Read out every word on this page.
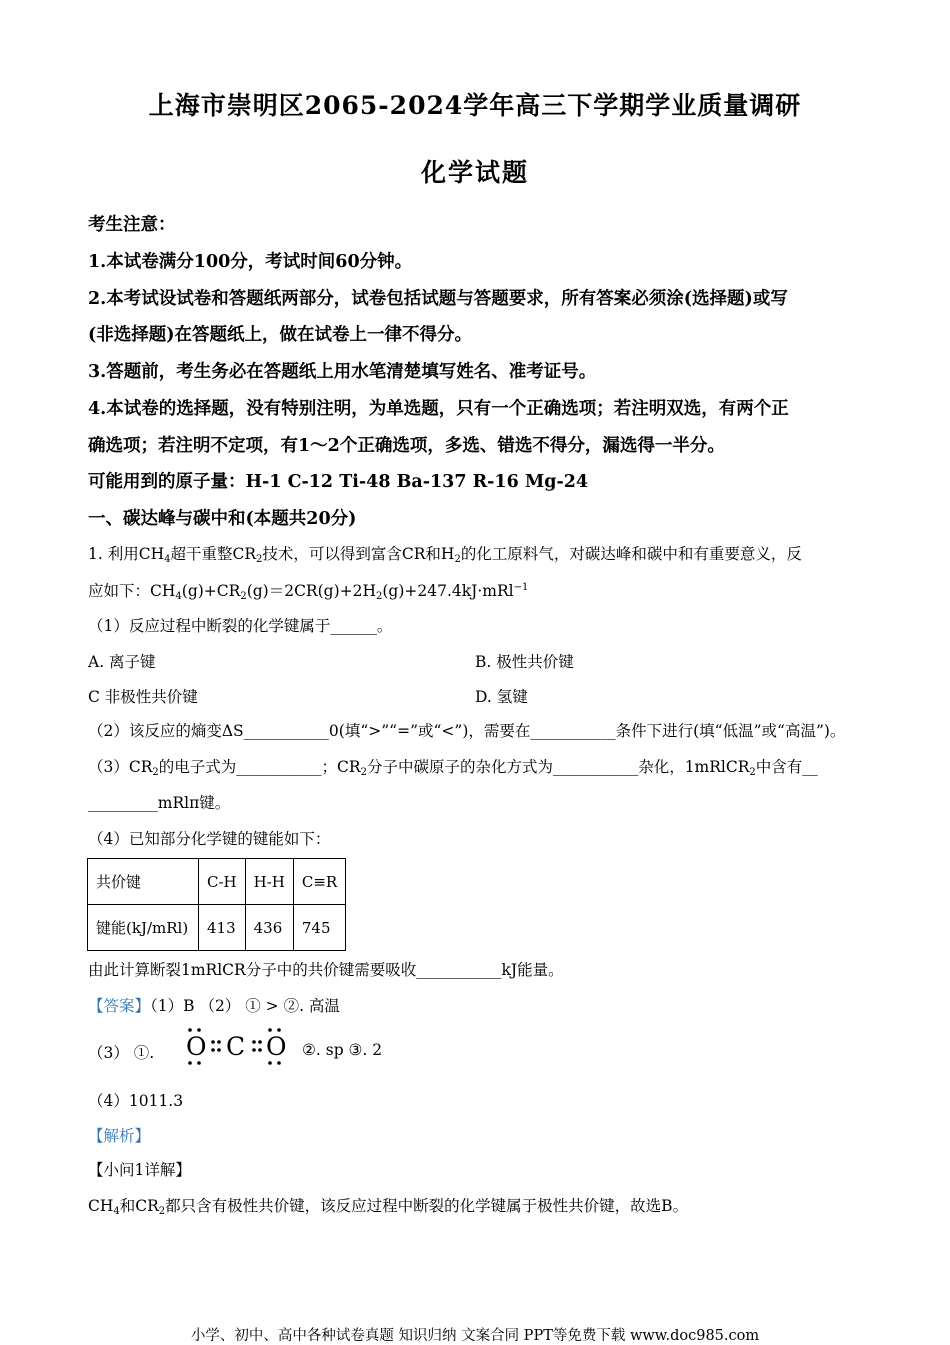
上海市崇明区2065-2024学年高三下学期学业质量调研
化学试题
考生注意：
1.本试卷满分100分，考试时间60分钟。
2.本考试设试卷和答题纸两部分，试卷包括试题与答题要求，所有答案必须涂(选择题)或写
(非选择题)在答题纸上，做在试卷上一律不得分。
3.答题前，考生务必在答题纸上用水笔清楚填写姓名、准考证号。
4.本试卷的选择题，没有特别注明，为单选题，只有一个正确选项；若注明双选，有两个正
确选项；若注明不定项，有1～2个正确选项，多选、错选不得分，漏选得一半分。
可能用到的原子量：H-1 C-12 Ti-48 Ba-137 R-16 Mg-24
一、碳达峰与碳中和(本题共20分)
1. 利用$CH_4$超干重整$CR_2$技术，可以得到富含CR和$H_2$的化工原料气，对碳达峰和碳中和有重要意义，反
应如下：$CH_4(g)+CR_2(g)=2CR(g)+2H_2(g)+247.4kJ\cdot mRl^{-1}$
（1）反应过程中断裂的化学键属于______。
A. 离子键	B. 极性共价键
C 非极性共价键	D. 氢键
（2）该反应的熵变ΔS___________0(填“>”“=”或“<”)，需要在___________条件下进行(填“低温”或“高温”)。
$(3)CR_2$的电子式为___________；$CR_2$分子中碳原子的杂化方式为___________杂化，1mRlCR$_2$中含有__
_________mRlπ键。
（4）已知部分化学键的键能如下：
共价键	C-H	H-H	C≡R
键能(kJ/mRl)	413	436	745
由此计算断裂1mRlCR分子中的共价键需要吸收___________kJ能量。
【答案】（1）B （2） ① > ②. 高温
（3） ①. O C O ②. sp ③. 2
（4）1011.3
【解析】
【小问1详解】
$CH_4$和$CR_2$都只含有极性共价键，该反应过程中断裂的化学键属于极性共价键，故选B。
小学、初中、高中各种试卷真题 知识归纳 文案合同 PPT等免费下载 www.doc985.com
